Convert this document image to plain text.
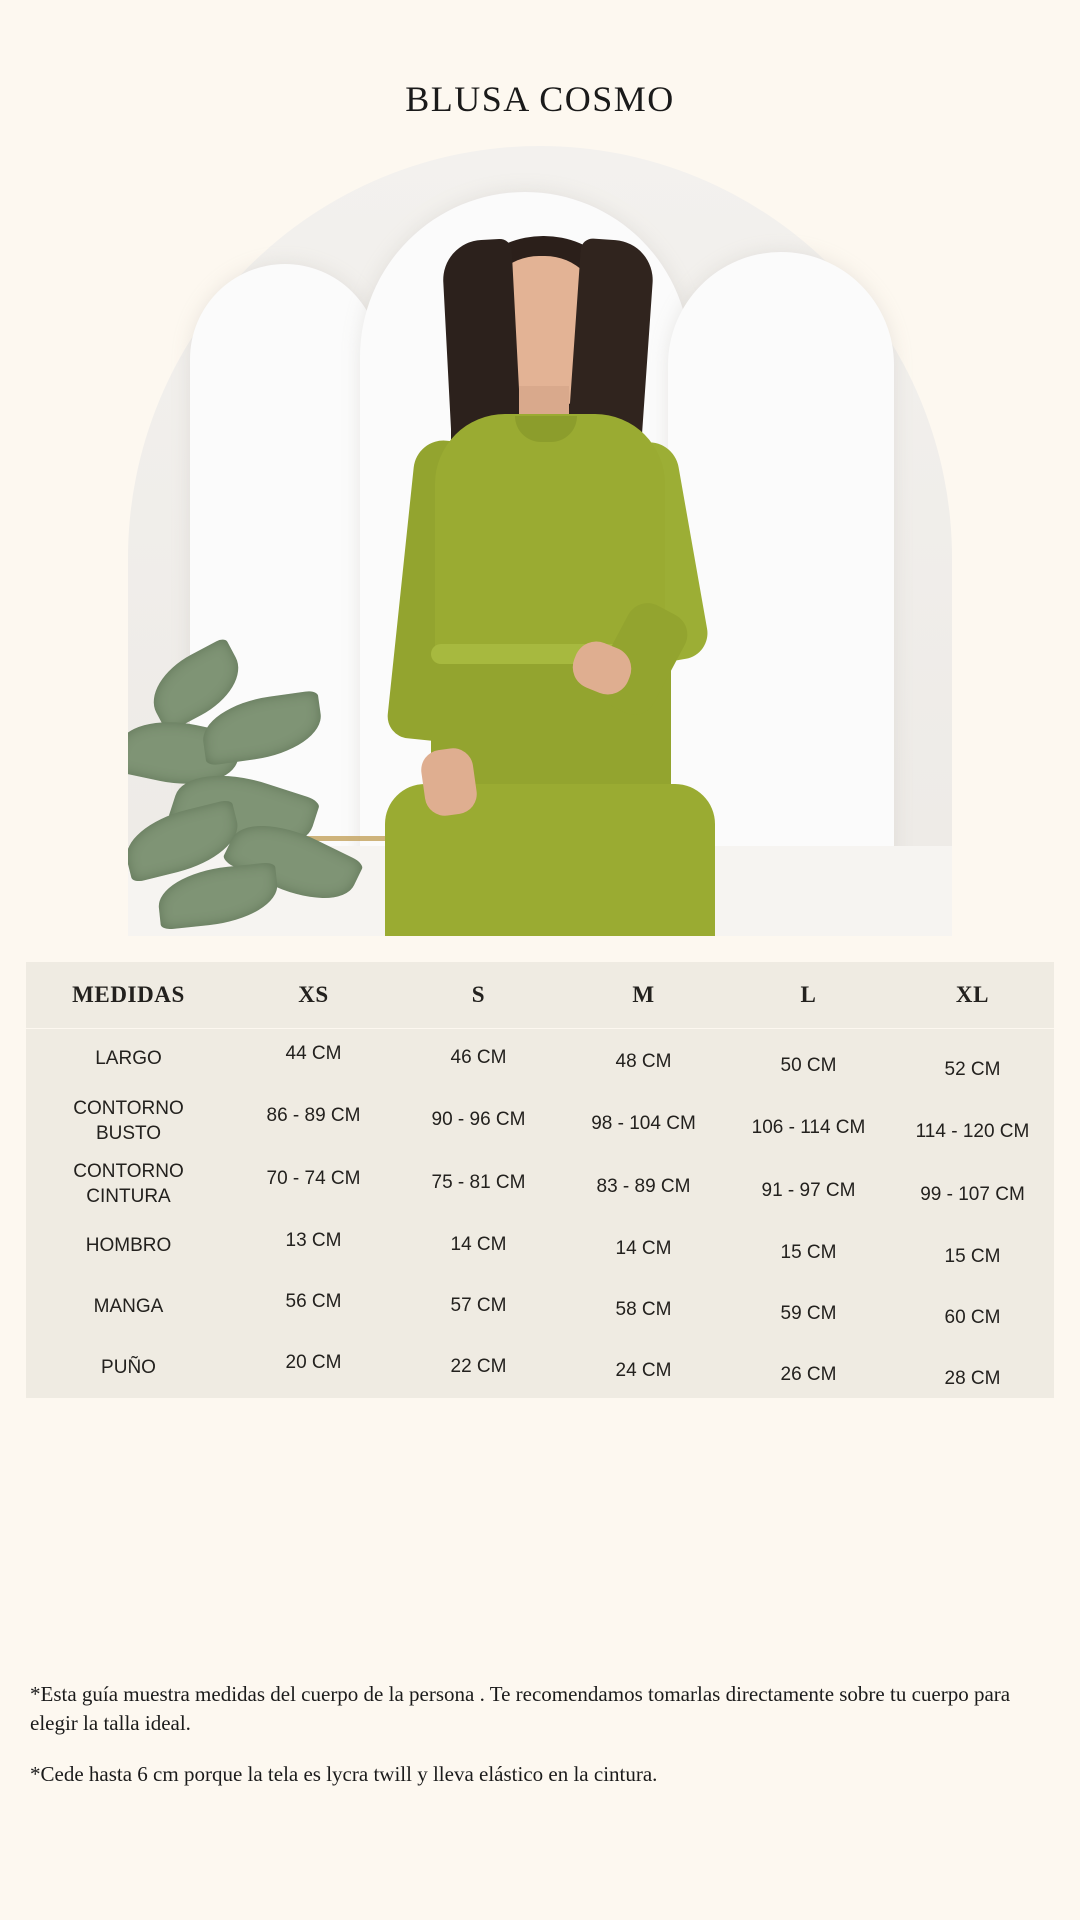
BLUSA COSMO
MEDIDAS	XS	S	M	L	XL
LARGO	44 CM	46 CM	48 CM	50 CM	52 CM
CONTORNO
BUSTO	86 - 89 CM	90 - 96 CM	98 - 104 CM	106 - 114 CM	114 - 120 CM
CONTORNO
CINTURA	70 - 74 CM	75 - 81 CM	83 - 89 CM	91 - 97 CM	99 - 107 CM
HOMBRO	13 CM	14 CM	14 CM	15 CM	15 CM
MANGA	56 CM	57 CM	58 CM	59 CM	60 CM
PUÑO	20 CM	22 CM	24 CM	26 CM	28 CM
*Esta guía muestra medidas del cuerpo de la persona . Te recomendamos tomarlas directamente sobre tu cuerpo para elegir la talla ideal.
*Cede hasta 6 cm porque la tela es lycra twill y lleva elástico en la cintura.
